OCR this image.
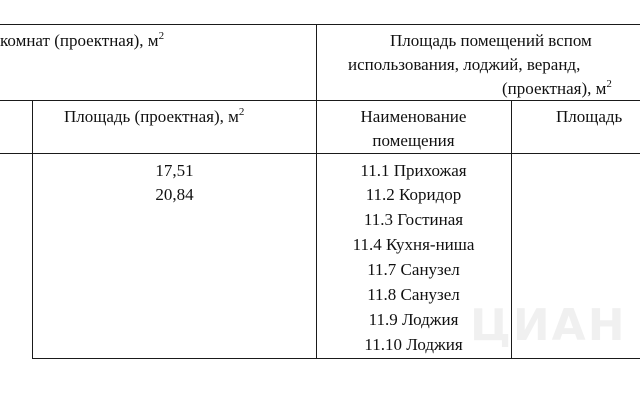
комнат (проектная), $м^2$	Площадь помещений вспом
использования, лоджий, веранд,
(проектная), $м^2$
Площадь (проектная), $м^2$	Наименование
помещения
Площадь
17,51
20,84
11.1 Прихожая
11.2 Коридор
11.3 Гостиная
11.4 Кухня-ниша
11.7 Санузел
11.8 Санузел
11.9 Лоджия
11.10 Лоджия ЦИАН
